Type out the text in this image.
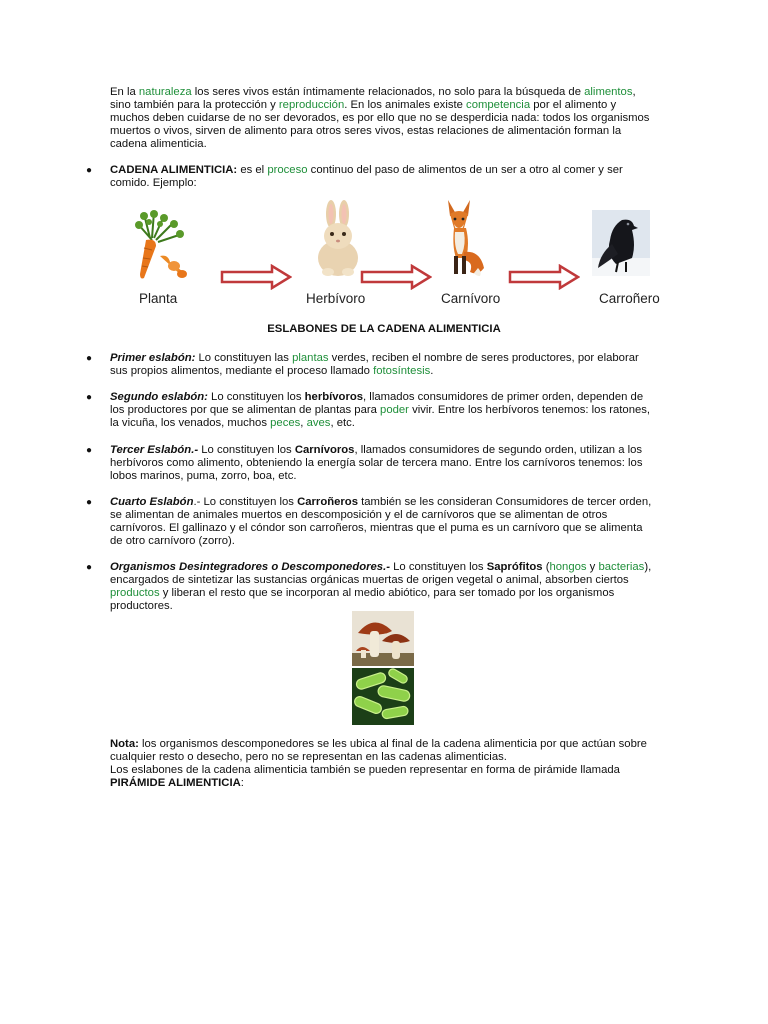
En la naturaleza los seres vivos están íntimamente relacionados, no solo para la búsqueda de alimentos, sino también para la protección y reproducción. En los animales existe competencia por el alimento y muchos deben cuidarse de no ser devorados, es por ello que no se desperdicia nada: todos los organismos muertos o vivos, sirven de alimento para otros seres vivos, estas relaciones de alimentación forman la cadena alimenticia.

●	CADENA ALIMENTICIA: es el proceso continuo del paso de alimentos de un ser a otro al comer y ser comido. Ejemplo:

Planta	Herbívoro	Carnívoro	Carroñero
ESLABONES DE LA CADENA ALIMENTICIA
●	Primer eslabón: Lo constituyen las plantas verdes, reciben el nombre de seres productores, por elaborar sus propios alimentos, mediante el proceso llamado fotosíntesis.

●	Segundo eslabón: Lo constituyen los herbívoros, llamados consumidores de primer orden, dependen de los productores por que se alimentan de plantas para poder vivir. Entre los herbívoros tenemos: los ratones, la vicuña, los venados, muchos peces, aves, etc.

●	Tercer Eslabón.- Lo constituyen los Carnívoros, llamados consumidores de segundo orden, utilizan a los herbívoros como alimento, obteniendo la energía solar de tercera mano. Entre los carnívoros tenemos: los lobos marinos, puma, zorro, boa, etc.

●	Cuarto Eslabón.- Lo constituyen los Carroñeros también se les consideran Consumidores de tercer orden, se alimentan de animales muertos en descomposición y el de carnívoros que se alimentan de otros carnívoros. El gallinazo y el cóndor son carroñeros, mientras que el puma es un carnívoro que se alimenta de otro carnívoro (zorro).

●	Organismos Desintegradores o Descomponedores.- Lo constituyen los Saprófitos (hongos y bacterias), encargados de sintetizar las sustancias orgánicas muertas de origen vegetal o animal, absorben ciertos productos y liberan el resto que se incorporan al medio abiótico, para ser tomado por los organismos productores.

Nota: los organismos descomponedores se les ubica al final de la cadena alimenticia por que actúan sobre cualquier resto o desecho, pero no se representan en las cadenas alimenticias.
Los eslabones de la cadena alimenticia también se pueden representar en forma de pirámide llamada PIRÁMIDE ALIMENTICIA:
